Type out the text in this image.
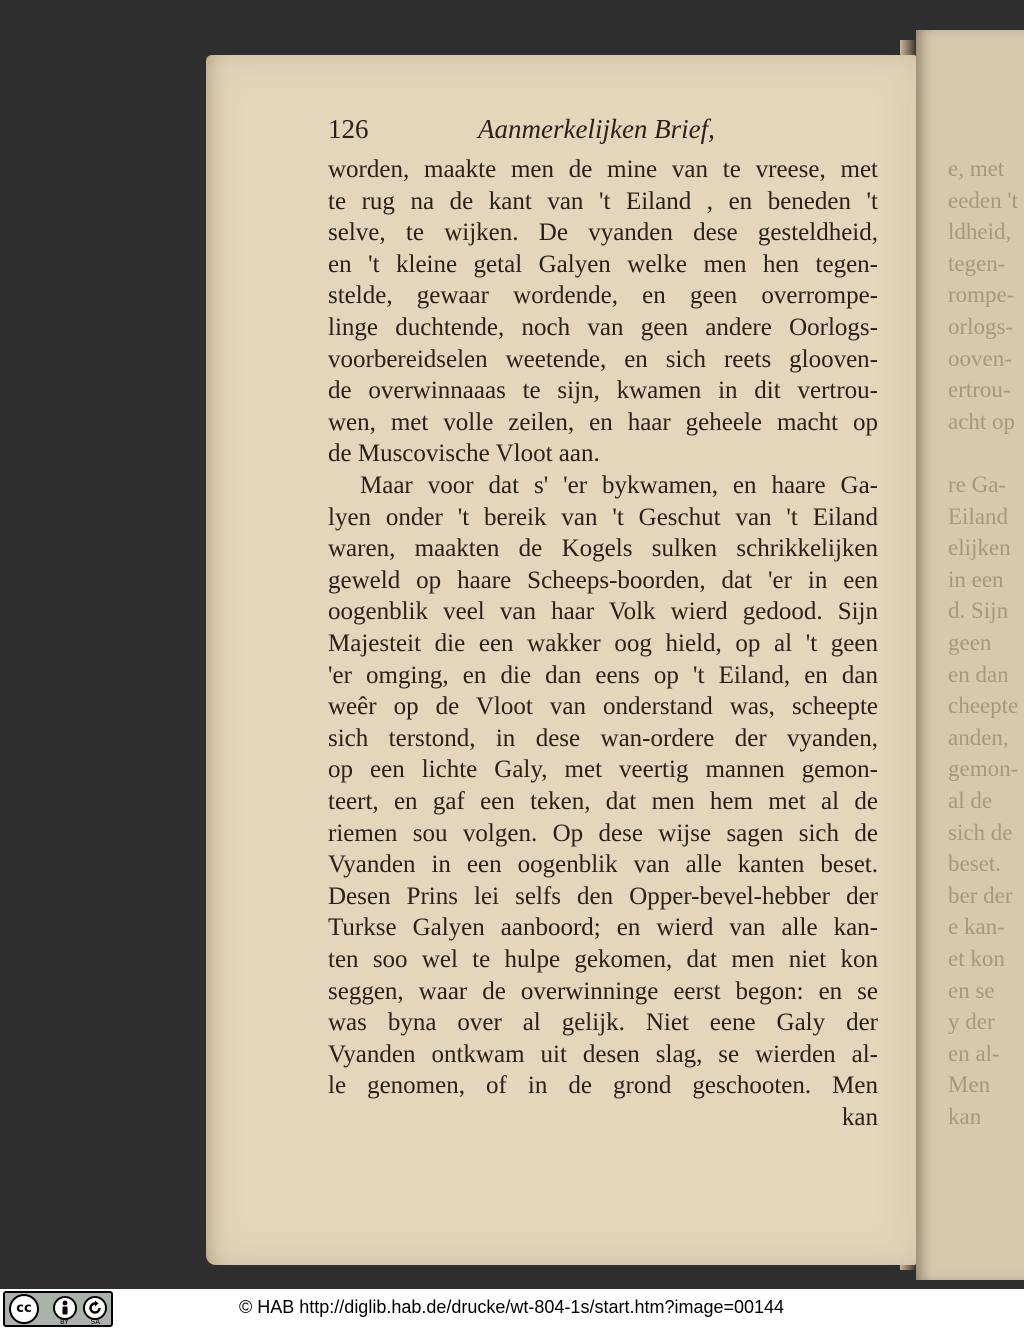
e, met
eeden 't
ldheid,
tegen-
rompe-
orlogs-
ooven-
ertrou-
acht op
re Ga-
Eiland
elijken
in een
d. Sijn
geen
en dan
cheepte
anden,
gemon-
al de
sich de
beset.
ber der
e kan-
et kon
en se
y der
en al-
Men
kan
126	Aanmerkelijken Brief,
worden, maakte men de mine van te vreese, met
te rug na de kant van 't Eiland , en beneden 't
selve, te wijken. De vyanden dese gesteldheid,
en 't kleine getal Galyen welke men hen tegen-
stelde, gewaar wordende, en geen overrompe-
linge duchtende, noch van geen andere Oorlogs-
voorbereidselen weetende, en sich reets glooven-
de overwinnaaas te sijn, kwamen in dit vertrou-
wen, met volle zeilen, en haar geheele macht op
de Muscovische Vloot aan.
Maar voor dat s' 'er bykwamen, en haare Ga-
lyen onder 't bereik van 't Geschut van 't Eiland
waren, maakten de Kogels sulken schrikkelijken
geweld op haare Scheeps-boorden, dat 'er in een
oogenblik veel van haar Volk wierd gedood. Sijn
Majesteit die een wakker oog hield, op al 't geen
'er omging, en die dan eens op 't Eiland, en dan
weêr op de Vloot van onderstand was, scheepte
sich terstond, in dese wan-ordere der vyanden,
op een lichte Galy, met veertig mannen gemon-
teert, en gaf een teken, dat men hem met al de
riemen sou volgen. Op dese wijse sagen sich de
Vyanden in een oogenblik van alle kanten beset.
Desen Prins lei selfs den Opper-bevel-hebber der
Turkse Galyen aanboord; en wierd van alle kan-
ten soo wel te hulpe gekomen, dat men niet kon
seggen, waar de overwinninge eerst begon: en se
was byna over al gelijk. Niet eene Galy der
Vyanden ontkwam uit desen slag, se wierden al-
le genomen, of in de grond geschooten. Men
kan
cc
BY	SA
© HAB http://diglib.hab.de/drucke/wt-804-1s/start.htm?image=00144
